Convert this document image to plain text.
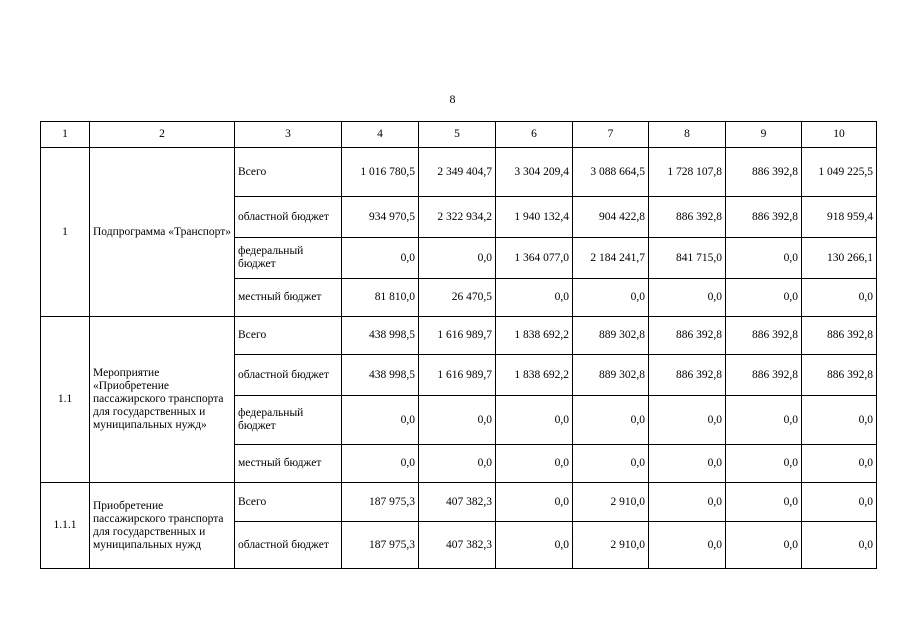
8
1	2	3	4	5	6	7	8	9	10
1	Подпрограмма «Транспорт»	Всего	1 016 780,5	2 349 404,7	3 304 209,4	3 088 664,5	1 728 107,8	886 392,8	1 049 225,5
		областной бюджет	934 970,5	2 322 934,2	1 940 132,4	904 422,8	886 392,8	886 392,8	918 959,4
		федеральный бюджет	0,0	0,0	1 364 077,0	2 184 241,7	841 715,0	0,0	130 266,1
		местный бюджет	81 810,0	26 470,5	0,0	0,0	0,0	0,0	0,0
1.1	Мероприятие «Приобретение пассажирского транспорта для государственных и муниципальных нужд»	Всего	438 998,5	1 616 989,7	1 838 692,2	889 302,8	886 392,8	886 392,8	886 392,8
		областной бюджет	438 998,5	1 616 989,7	1 838 692,2	889 302,8	886 392,8	886 392,8	886 392,8
		федеральный бюджет	0,0	0,0	0,0	0,0	0,0	0,0	0,0
		местный бюджет	0,0	0,0	0,0	0,0	0,0	0,0	0,0
1.1.1	Приобретение пассажирского транспорта для государственных и муниципальных нужд	Всего	187 975,3	407 382,3	0,0	2 910,0	0,0	0,0	0,0
		областной бюджет	187 975,3	407 382,3	0,0	2 910,0	0,0	0,0	0,0
